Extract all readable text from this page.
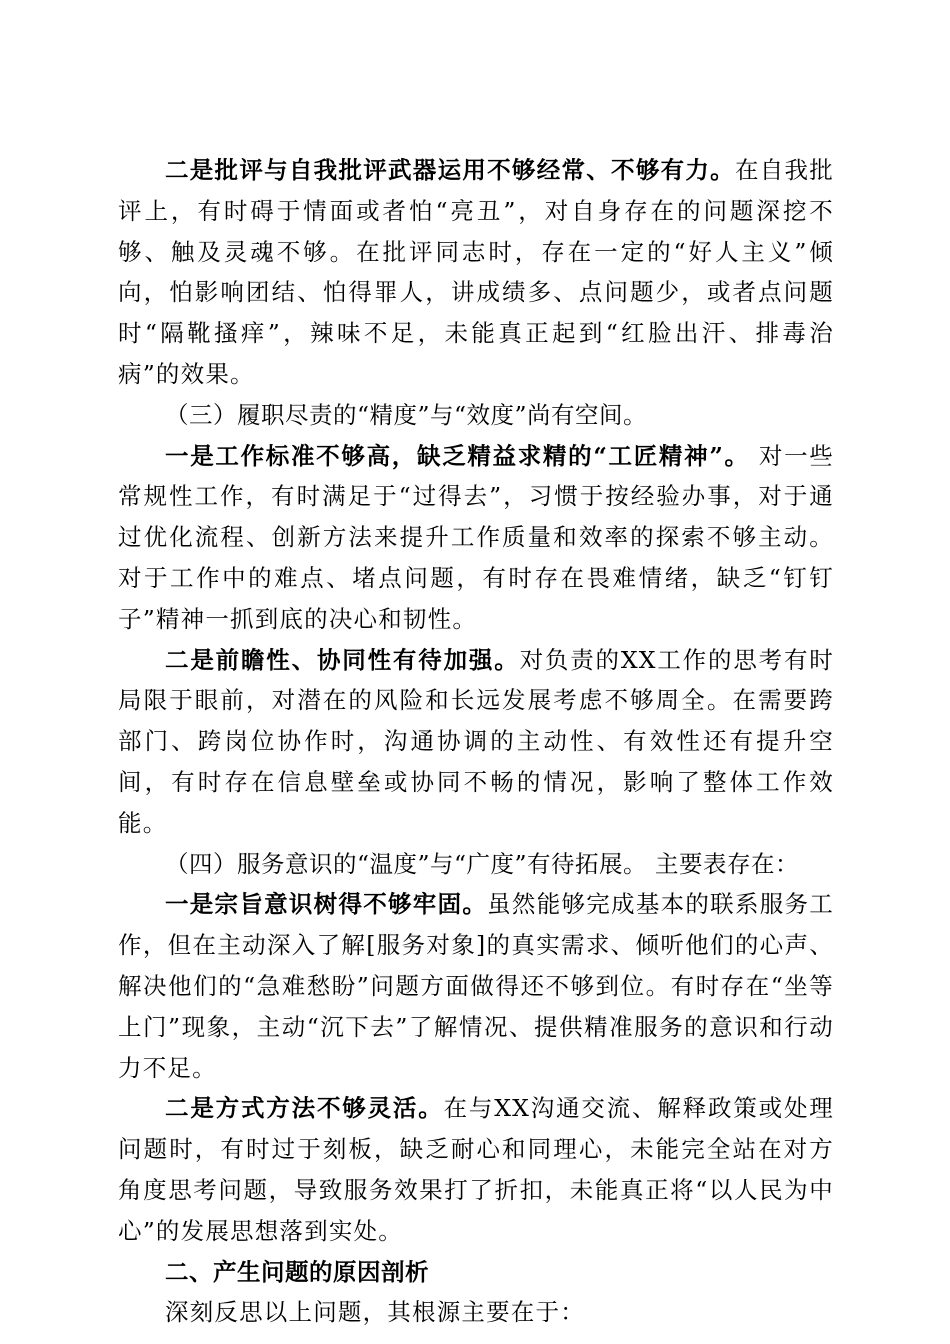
二是批评与自我批评武器运用不够经常、不够有力。在自我批评上，有时碍于情面或者怕“亮丑”，对自身存在的问题深挖不够、触及灵魂不够。在批评同志时，存在一定的“好人主义”倾向，怕影响团结、怕得罪人，讲成绩多、点问题少，或者点问题时“隔靴搔痒”，辣味不足，未能真正起到“红脸出汗、排毒治病”的效果。

（三）履职尽责的“精度”与“效度”尚有空间。

一是工作标准不够高，缺乏精益求精的“工匠精神”。 对一些常规性工作，有时满足于“过得去”，习惯于按经验办事，对于通过优化流程、创新方法来提升工作质量和效率的探索不够主动。对于工作中的难点、堵点问题，有时存在畏难情绪，缺乏“钉钉子”精神一抓到底的决心和韧性。

二是前瞻性、协同性有待加强。对负责的XX工作的思考有时局限于眼前，对潜在的风险和长远发展考虑不够周全。在需要跨部门、跨岗位协作时，沟通协调的主动性、有效性还有提升空间，有时存在信息壁垒或协同不畅的情况，影响了整体工作效能。

（四）服务意识的“温度”与“广度”有待拓展。 主要表存在：

一是宗旨意识树得不够牢固。虽然能够完成基本的联系服务工作，但在主动深入了解[服务对象]的真实需求、倾听他们的心声、解决他们的“急难愁盼”问题方面做得还不够到位。有时存在“坐等上门”现象，主动“沉下去”了解情况、提供精准服务的意识和行动力不足。

二是方式方法不够灵活。在与XX沟通交流、解释政策或处理问题时，有时过于刻板，缺乏耐心和同理心，未能完全站在对方角度思考问题，导致服务效果打了折扣，未能真正将“以人民为中心”的发展思想落到实处。

二、产生问题的原因剖析

深刻反思以上问题，其根源主要在于：
